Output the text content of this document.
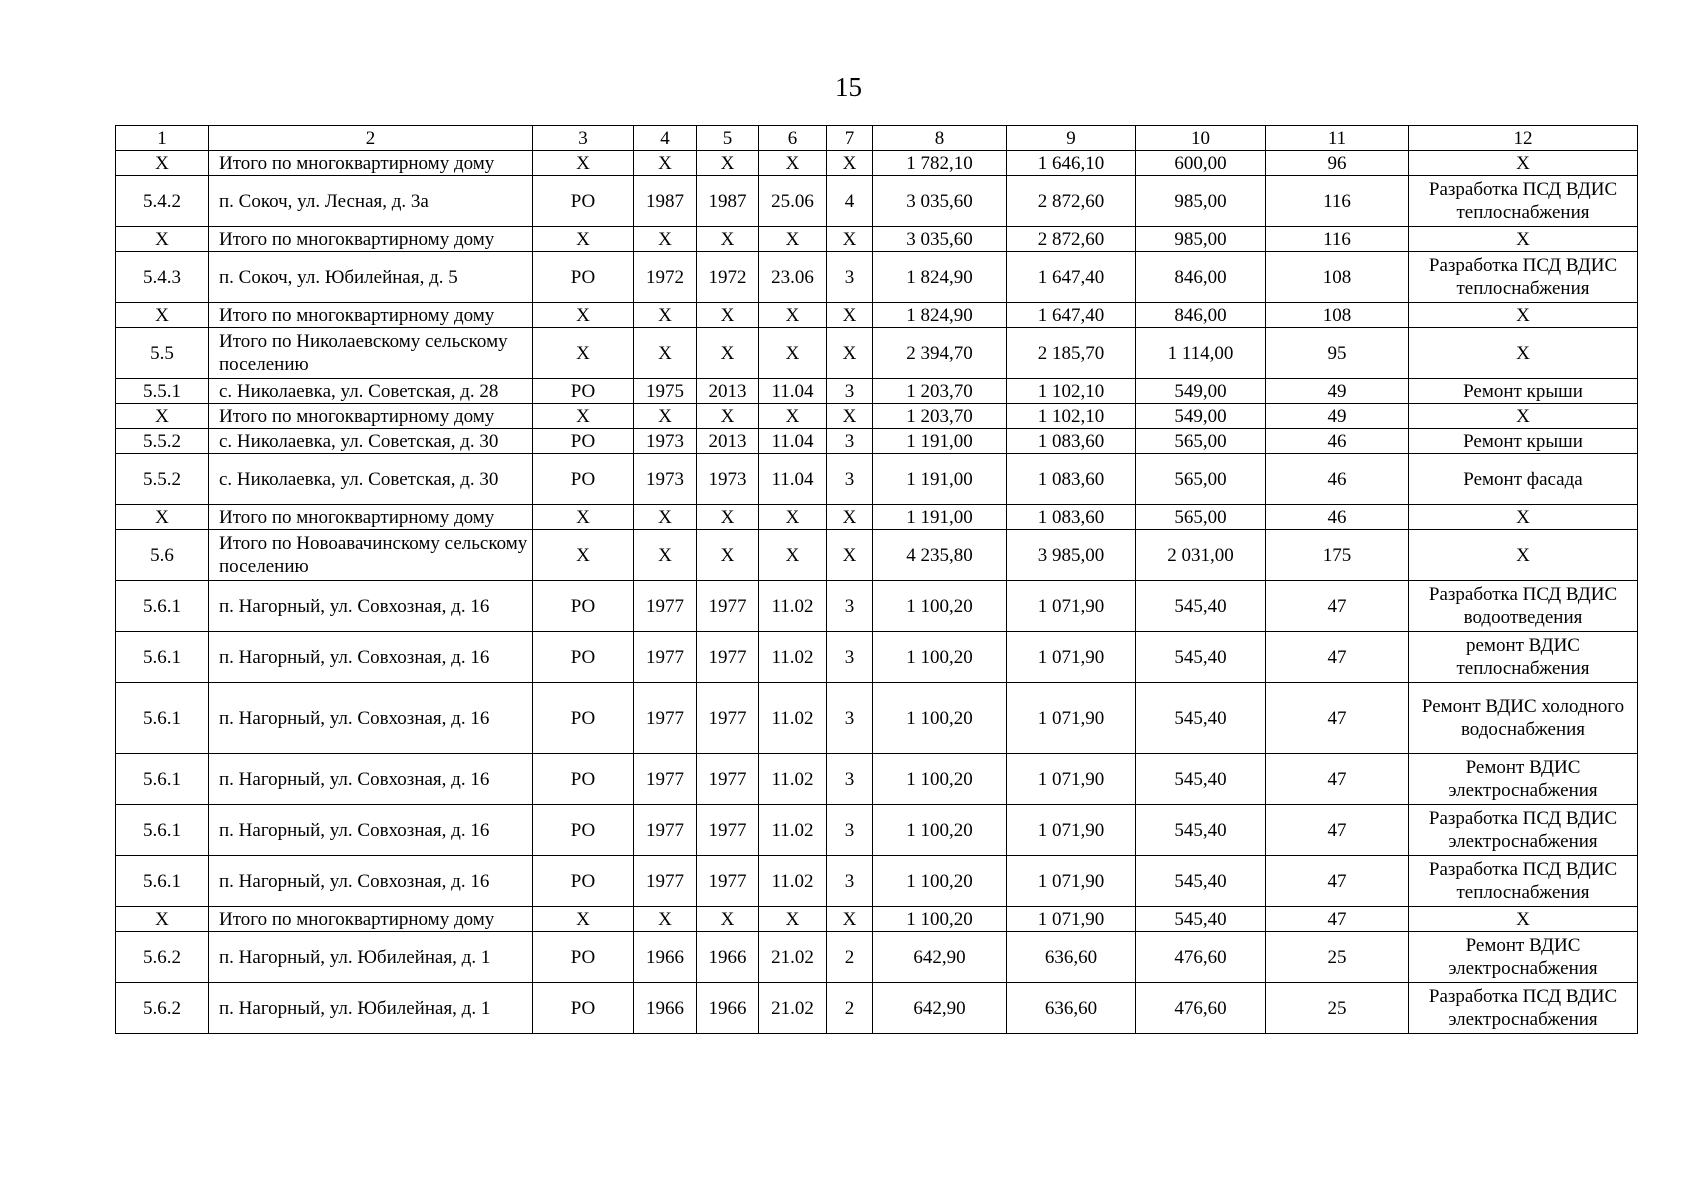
15
1	2	3	4	5	6	7	8	9	10	11	12
X	Итого по многоквартирному дому	X	X	X	X	X	1 782,10	1 646,10	600,00	96	X
5.4.2	п. Сокоч, ул. Лесная, д. 3а	РО	1987	1987	25.06	4	3 035,60	2 872,60	985,00	116	Разработка ПСД ВДИС теплоснабжения
X	Итого по многоквартирному дому	X	X	X	X	X	3 035,60	2 872,60	985,00	116	X
5.4.3	п. Сокоч, ул. Юбилейная, д. 5	РО	1972	1972	23.06	3	1 824,90	1 647,40	846,00	108	Разработка ПСД ВДИС теплоснабжения
X	Итого по многоквартирному дому	X	X	X	X	X	1 824,90	1 647,40	846,00	108	X
5.5	Итого по Николаевскому сельскому поселению	X	X	X	X	X	2 394,70	2 185,70	1 114,00	95	X
5.5.1	с. Николаевка, ул. Советская, д. 28	РО	1975	2013	11.04	3	1 203,70	1 102,10	549,00	49	Ремонт крыши
X	Итого по многоквартирному дому	X	X	X	X	X	1 203,70	1 102,10	549,00	49	X
5.5.2	с. Николаевка, ул. Советская, д. 30	РО	1973	2013	11.04	3	1 191,00	1 083,60	565,00	46	Ремонт крыши
5.5.2	с. Николаевка, ул. Советская, д. 30	РО	1973	1973	11.04	3	1 191,00	1 083,60	565,00	46	Ремонт фасада
X	Итого по многоквартирному дому	X	X	X	X	X	1 191,00	1 083,60	565,00	46	X
5.6	Итого по Новоавачинскому сельскому поселению	X	X	X	X	X	4 235,80	3 985,00	2 031,00	175	X
5.6.1	п. Нагорный, ул. Совхозная, д. 16	РО	1977	1977	11.02	3	1 100,20	1 071,90	545,40	47	Разработка ПСД ВДИС водоотведения
5.6.1	п. Нагорный, ул. Совхозная, д. 16	РО	1977	1977	11.02	3	1 100,20	1 071,90	545,40	47	ремонт ВДИС теплоснабжения
5.6.1	п. Нагорный, ул. Совхозная, д. 16	РО	1977	1977	11.02	3	1 100,20	1 071,90	545,40	47	Ремонт ВДИС холодного водоснабжения
5.6.1	п. Нагорный, ул. Совхозная, д. 16	РО	1977	1977	11.02	3	1 100,20	1 071,90	545,40	47	Ремонт ВДИС электроснабжения
5.6.1	п. Нагорный, ул. Совхозная, д. 16	РО	1977	1977	11.02	3	1 100,20	1 071,90	545,40	47	Разработка ПСД ВДИС электроснабжения
5.6.1	п. Нагорный, ул. Совхозная, д. 16	РО	1977	1977	11.02	3	1 100,20	1 071,90	545,40	47	Разработка ПСД ВДИС теплоснабжения
X	Итого по многоквартирному дому	X	X	X	X	X	1 100,20	1 071,90	545,40	47	X
5.6.2	п. Нагорный, ул. Юбилейная, д. 1	РО	1966	1966	21.02	2	642,90	636,60	476,60	25	Ремонт ВДИС электроснабжения
5.6.2	п. Нагорный, ул. Юбилейная, д. 1	РО	1966	1966	21.02	2	642,90	636,60	476,60	25	Разработка ПСД ВДИС электроснабжения
